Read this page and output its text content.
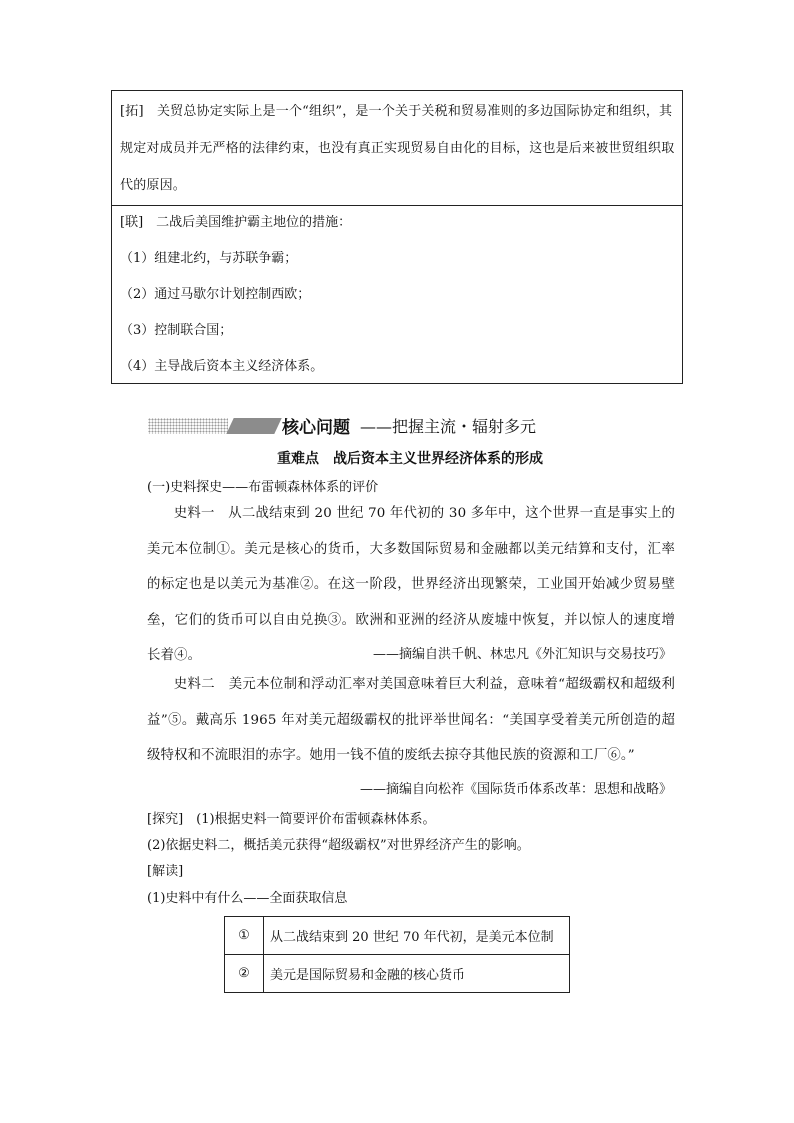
[拓]　关贸总协定实际上是一个“组织”，是一个关于关税和贸易准则的多边国际协定和组织，其规定对成员并无严格的法律约束，也没有真正实现贸易自由化的目标，这也是后来被世贸组织取代的原因。
[联]　二战后美国维护霸主地位的措施：
（1）组建北约，与苏联争霸；
（2）通过马歇尔计划控制西欧；
（3）控制联合国；
（4）主导战后资本主义经济体系。
核心问题 ——把握主流・辐射多元
重难点　战后资本主义世界经济体系的形成
(一)史料探史——布雷顿森林体系的评价
史料一　从二战结束到 20 世纪 70 年代初的 30 多年中，这个世界一直是事实上的美元本位制①。美元是核心的货币，大多数国际贸易和金融都以美元结算和支付，汇率的标定也是以美元为基准②。在这一阶段，世界经济出现繁荣，工业国开始减少贸易壁垒，它们的货币可以自由兑换③。欧洲和亚洲的经济从废墟中恢复，并以惊人的速度增长着④。	——摘编自洪千帆、林忠凡《外汇知识与交易技巧》
史料二　美元本位制和浮动汇率对美国意味着巨大利益，意味着“超级霸权和超级利益”⑤。戴高乐 1965 年对美元超级霸权的批评举世闻名：“美国享受着美元所创造的超级特权和不流眼泪的赤字。她用一钱不值的废纸去掠夺其他民族的资源和工厂⑥。”
——摘编自向松祚《国际货币体系改革：思想和战略》
[探究]　(1)根据史料一简要评价布雷顿森林体系。
(2)依据史料二，概括美元获得“超级霸权”对世界经济产生的影响。
[解读]
(1)史料中有什么——全面获取信息
①	从二战结束到 20 世纪 70 年代初，是美元本位制
②	美元是国际贸易和金融的核心货币
